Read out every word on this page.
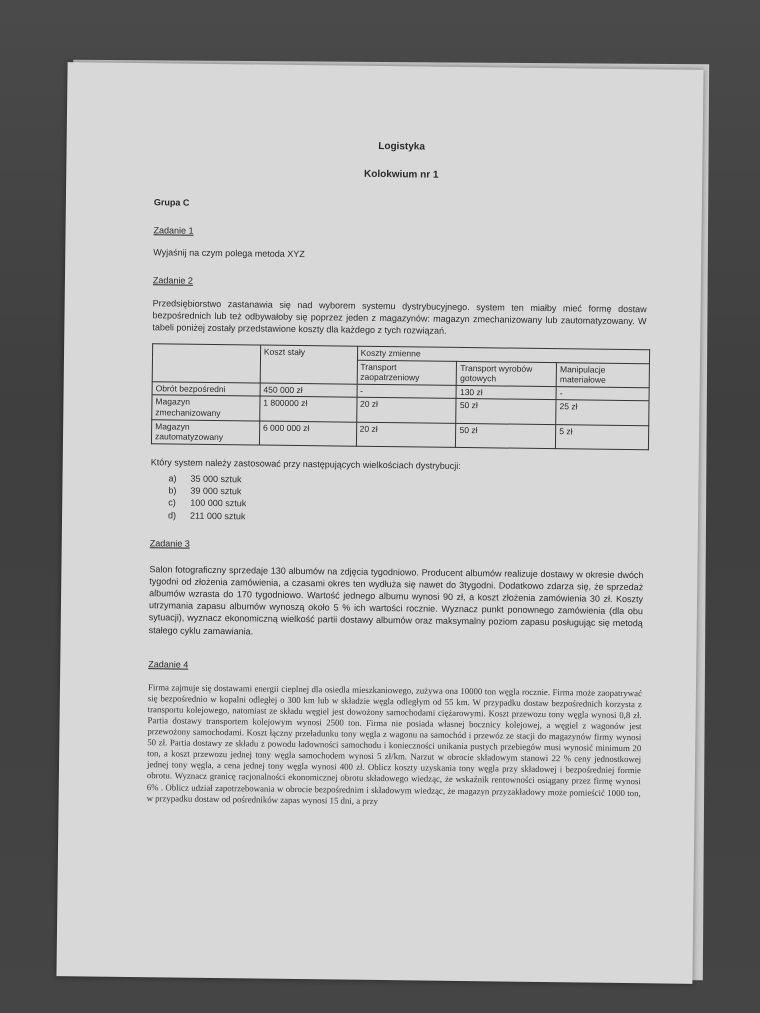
Logistyka

Kolokwium nr 1

Grupa C

Zadanie 1

Wyjaśnij na czym polega metoda XYZ

Zadanie 2

Przedsiębiorstwo zastanawia się nad wyborem systemu dystrybucyjnego. system ten miałby mieć formę dostaw bezpośrednich lub też odbywałoby się poprzez jeden z magazynów: magazyn zmechanizowany lub zautomatyzowany. W tabeli poniżej zostały przedstawione koszty dla każdego z tych rozwiązań.

	Koszt stały	Koszty zmienne		
		Transport zaopatrzeniowy	Transport wyrobów gotowych	Manipulacje materiałowe
Obrót bezpośredni	450 000 zł	-	130 zł	-
Magazyn zmechanizowany	1 800000 zł	20 zł	50 zł	25 zł
Magazyn zautomatyzowany	6 000 000 zł	20 zł	50 zł	5 zł

Który system należy zastosować przy następujących wielkościach dystrybucji:

a) 35 000 sztuk
b) 39 000 sztuk
c) 100 000 sztuk
d) 211 000 sztuk

Zadanie 3

Salon fotograficzny sprzedaje 130 albumów na zdjęcia tygodniowo. Producent albumów realizuje dostawy w okresie dwóch tygodni od złożenia zamówienia, a czasami okres ten wydłuża się nawet do 3tygodni. Dodatkowo zdarza się, że sprzedaż albumów wzrasta do 170 tygodniowo. Wartość jednego albumu wynosi 90 zł, a koszt złożenia zamówienia 30 zł. Koszty utrzymania zapasu albumów wynoszą około 5 % ich wartości rocznie. Wyznacz punkt ponownego zamówienia (dla obu sytuacji), wyznacz ekonomiczną wielkość partii dostawy albumów oraz maksymalny poziom zapasu posługując się metodą stałego cyklu zamawiania.

Zadanie 4

Firma zajmuje się dostawami energii cieplnej dla osiedla mieszkaniowego, zużywa ona 10000 ton węgla rocznie. Firma może zaopatrywać się bezpośrednio w kopalni odległej o 300 km lub w składzie węgla odległym od 55 km. W przypadku dostaw bezpośrednich korzysta z transportu kolejowego, natomiast ze składu węgiel jest dowożony samochodami ciężarowymi. Koszt przewozu tony węgla wynosi 0,8 zł. Partia dostawy transportem kolejowym wynosi 2500 ton. Firma nie posiada własnej bocznicy kolejowej, a węgiel z wagonów jest przewożony samochodami. Koszt łączny przeładunku tony węgla z wagonu na samochód i przewóz ze stacji do magazynów firmy wynosi 50 zł. Partia dostawy ze składu z powodu ładowności samochodu i konieczności unikania pustych przebiegów musi wynosić minimum 20 ton, a koszt przewozu jednej tony węgla samochodem wynosi 5 zł/km. Narzut w obrocie składowym stanowi 22 % ceny jednostkowej jednej tony węgla, a cena jednej tony węgla wynosi 400 zł. Oblicz koszty uzyskania tony węgla przy składowej i bezpośredniej formie obrotu. Wyznacz granicę racjonalności ekonomicznej obrotu składowego wiedząc, że wskaźnik rentowności osiągany przez firmę wynosi 6% . Oblicz udział zapotrzebowania w obrocie bezpośrednim i składowym wiedząc, że magazyn przyzakładowy może pomieścić 1000 ton, w przypadku dostaw od pośredników zapas wynosi 15 dni, a przy
